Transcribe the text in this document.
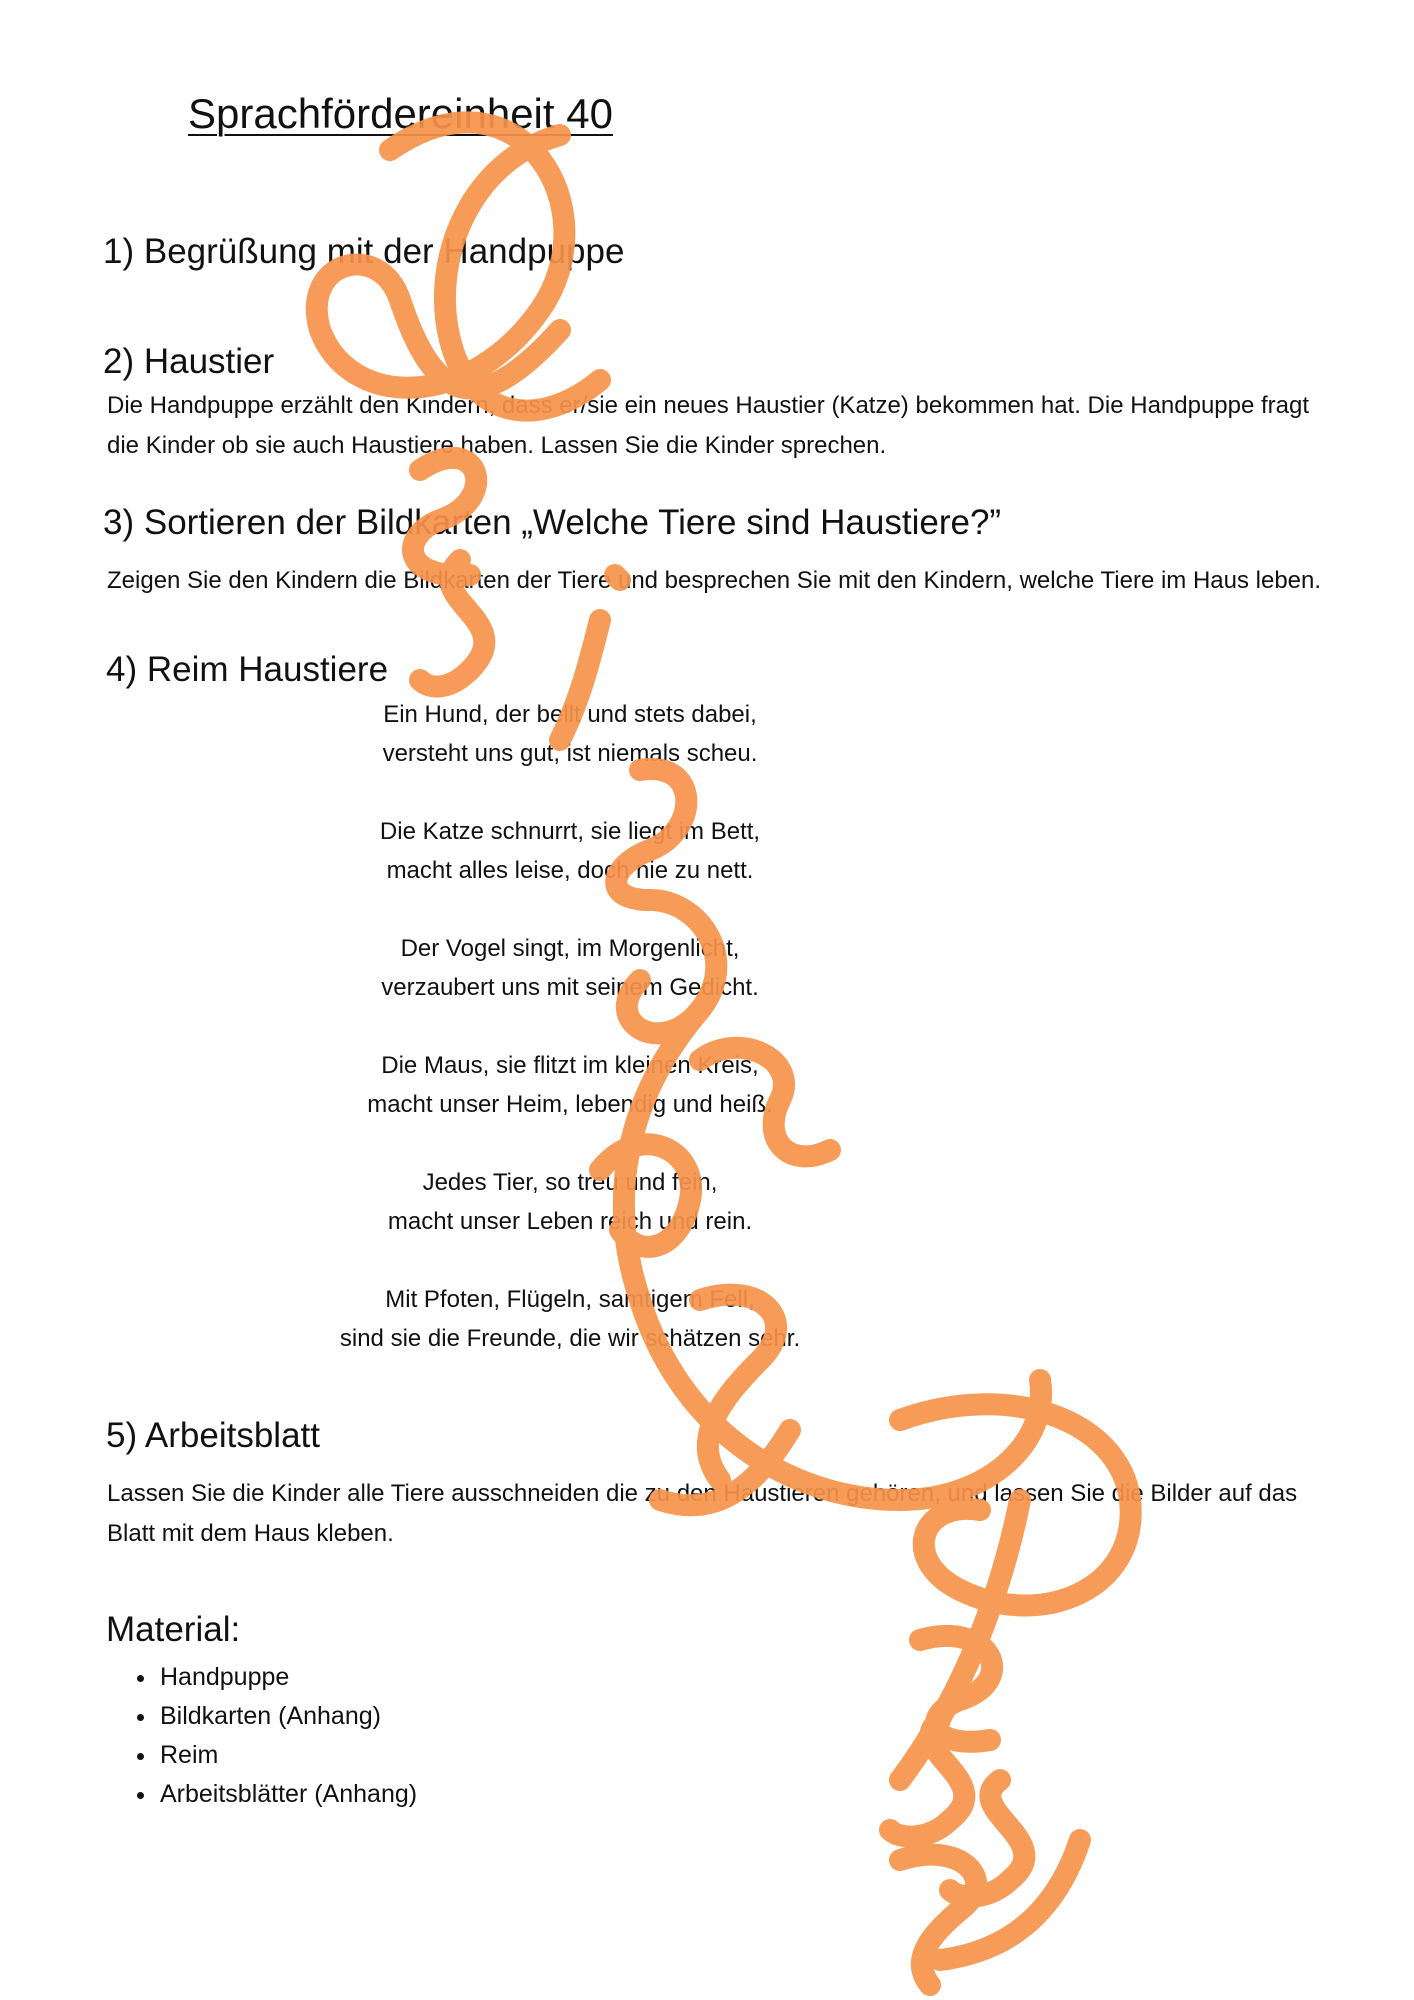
Sprachfördereinheit 40
1) Begrüßung mit der Handpuppe
2) Haustier

Die Handpuppe erzählt den Kindern, dass er/sie ein neues Haustier (Katze) bekommen hat. Die Handpuppe fragt die Kinder ob sie auch Haustiere haben. Lassen Sie die Kinder sprechen.

3) Sortieren der Bildkarten „Welche Tiere sind Haustiere?”

Zeigen Sie den Kindern die Bildkarten der Tiere und besprechen Sie mit den Kindern, welche Tiere im Haus leben.

4) Reim Haustiere

Ein Hund, der bellt und stets dabei,
versteht uns gut, ist niemals scheu.

Die Katze schnurrt, sie liegt im Bett,
macht alles leise, doch nie zu nett.

Der Vogel singt, im Morgenlicht,
verzaubert uns mit seinem Gedicht.

Die Maus, sie flitzt im kleinen Kreis,
macht unser Heim, lebendig und heiß.

Jedes Tier, so treu und fein,
macht unser Leben reich und rein.

Mit Pfoten, Flügeln, samtigem Fell,
sind sie die Freunde, die wir schätzen sehr.

5) Arbeitsblatt

Lassen Sie die Kinder alle Tiere ausschneiden die zu den Haustieren gehören, und lassen Sie die Bilder auf das Blatt mit dem Haus kleben.

Material:
• Handpuppe
• Bildkarten (Anhang)
• Reim
• Arbeitsblätter (Anhang)
